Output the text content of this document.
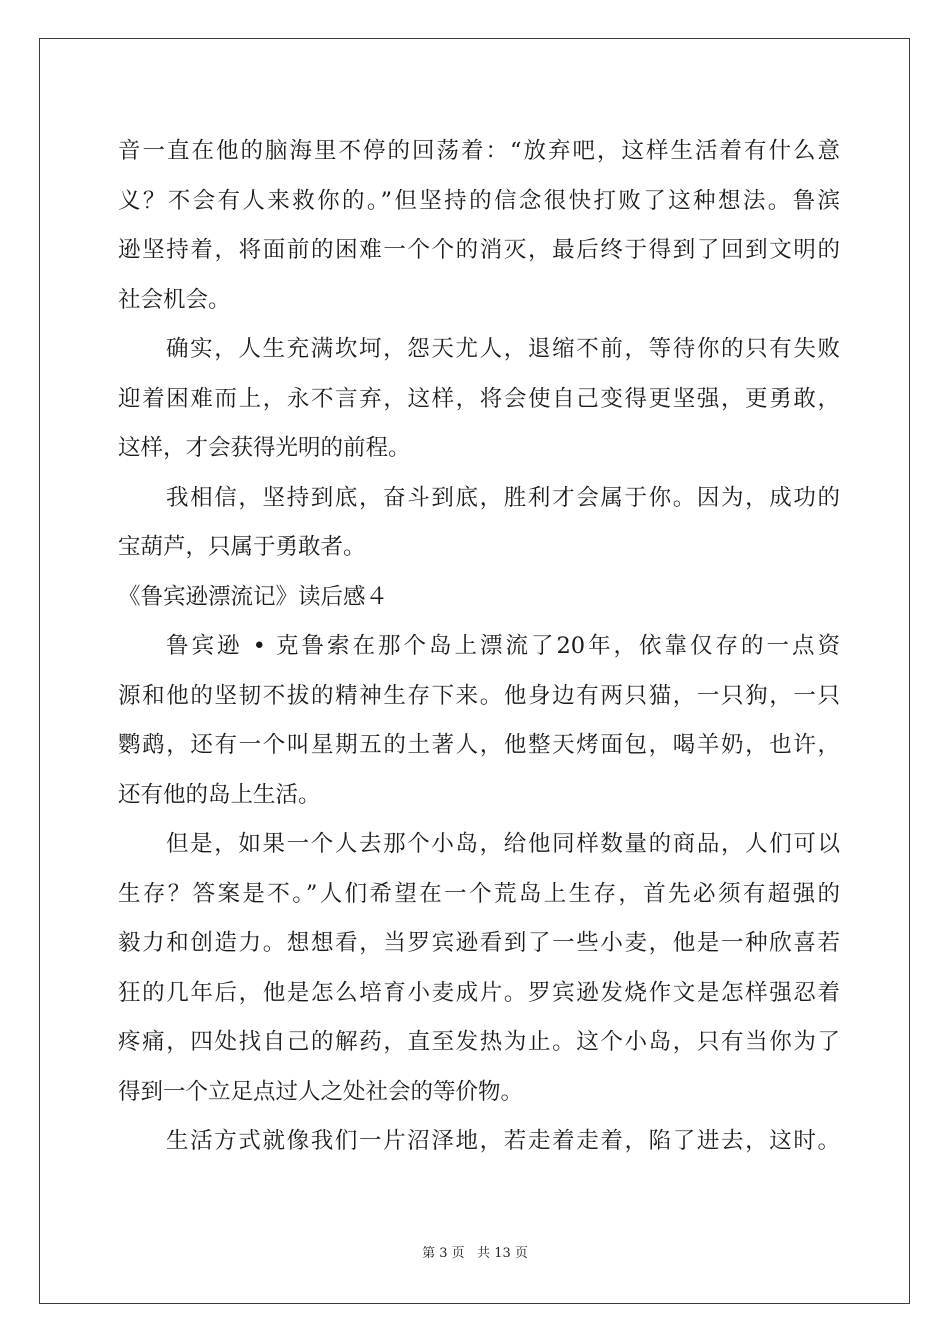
音一直在他的脑海里不停的回荡着：“放弃吧，这样生活着有什么意
义？不会有人来救你的。”但坚持的信念很快打败了这种想法。鲁滨
逊坚持着，将面前的困难一个个的消灭，最后终于得到了回到文明的
社会机会。
确实，人生充满坎坷，怨天尤人，退缩不前，等待你的只有失败
迎着困难而上，永不言弃，这样，将会使自己变得更坚强，更勇敢，
这样，才会获得光明的前程。
我相信，坚持到底，奋斗到底，胜利才会属于你。因为，成功的
宝葫芦，只属于勇敢者。
《鲁宾逊漂流记》读后感４
鲁宾逊 • 克鲁索在那个岛上漂流了20年，依靠仅存的一点资
源和他的坚韧不拔的精神生存下来。他身边有两只猫，一只狗，一只
鹦鹉，还有一个叫星期五的土著人，他整天烤面包，喝羊奶，也许，
还有他的岛上生活。
但是，如果一个人去那个小岛，给他同样数量的商品，人们可以
生存？答案是不。”人们希望在一个荒岛上生存，首先必须有超强的
毅力和创造力。想想看，当罗宾逊看到了一些小麦，他是一种欣喜若
狂的几年后，他是怎么培育小麦成片。罗宾逊发烧作文是怎样强忍着
疼痛，四处找自己的解药，直至发热为止。这个小岛，只有当你为了
得到一个立足点过人之处社会的等价物。
生活方式就像我们一片沼泽地，若走着走着，陷了进去，这时。
第 3 页   共 13 页
